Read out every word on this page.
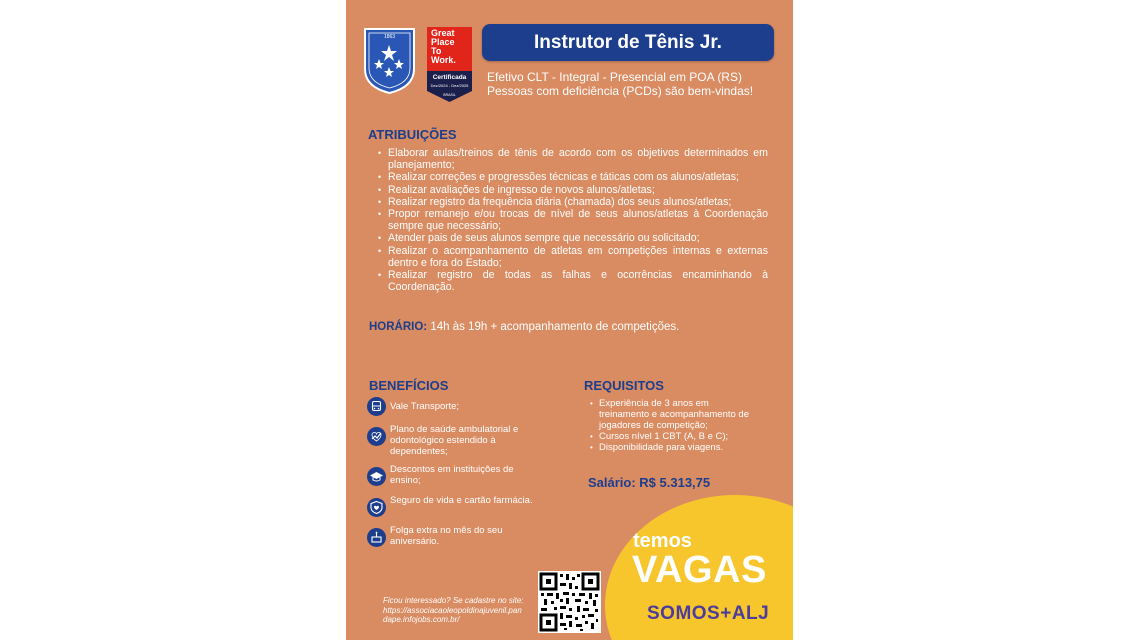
1863	Great
Place
To
Work.
Certificada
Dez/2024 - Dez/2025
BRASIL
Instrutor de Tênis Jr.
Efetivo CLT - Integral - Presencial em POA (RS)
Pessoas com deficiência (PCDs) são bem-vindas!
ATRIBUIÇÕES
• Elaborar aulas/treinos de tênis de acordo com os objetivos determinados em planejamento;
• Realizar correções e progressões técnicas e táticas com os alunos/atletas;
• Realizar avaliações de ingresso de novos alunos/atletas;
• Realizar registro da frequência diária (chamada) dos seus alunos/atletas;
• Propor remanejo e/ou trocas de nível de seus alunos/atletas à Coordenação sempre que necessário;
• Atender pais de seus alunos sempre que necessário ou solicitado;
• Realizar o acompanhamento de atletas em competições internas e externas dentro e fora do Estado;
• Realizar registro de todas as falhas e ocorrências encaminhando à Coordenação.
HORÁRIO: 14h às 19h + acompanhamento de competições.
BENEFÍCIOS
Vale Transporte;
Plano de saúde ambulatorial e odontológico estendido à dependentes;
Descontos em instituições de ensino;
Seguro de vida e cartão farmácia.
Folga extra no mês do seu aniversário.
REQUISITOS
• Experiência de 3 anos em treinamento e acompanhamento de jogadores de competição;
• Cursos nível 1 CBT (A, B e C);
• Disponibilidade para viagens.
Salário: R$ 5.313,75
temos
VAGAS
SOMOS+ALJ
Ficou interessado? Se cadastre no site: https://associacaoleopoldinajuvenil.pandape.infojobs.com.br/
